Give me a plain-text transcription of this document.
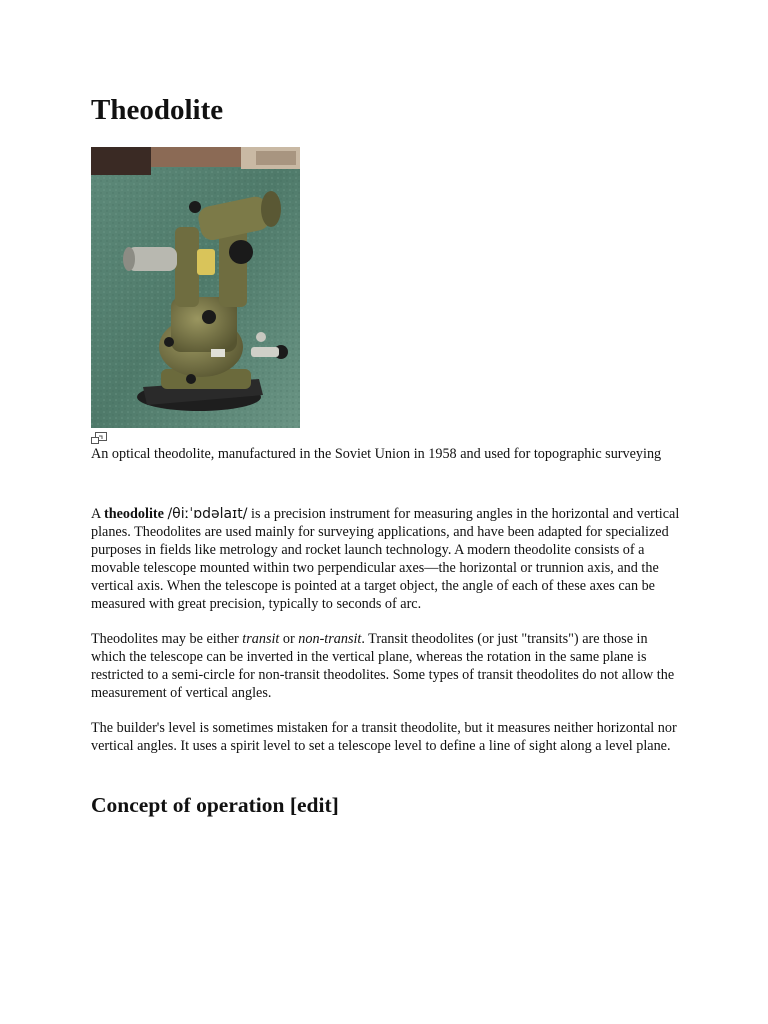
Theodolite
An optical theodolite, manufactured in the Soviet Union in 1958 and used for topographic surveying

A theodolite /θiːˈɒdəlaɪt/ is a precision instrument for measuring angles in the horizontal and vertical planes. Theodolites are used mainly for surveying applications, and have been adapted for specialized purposes in fields like metrology and rocket launch technology. A modern theodolite consists of a movable telescope mounted within two perpendicular axes—the horizontal or trunnion axis, and the vertical axis. When the telescope is pointed at a target object, the angle of each of these axes can be measured with great precision, typically to seconds of arc.

Theodolites may be either transit or non-transit. Transit theodolites (or just "transits") are those in which the telescope can be inverted in the vertical plane, whereas the rotation in the same plane is restricted to a semi-circle for non-transit theodolites. Some types of transit theodolites do not allow the measurement of vertical angles.

The builder's level is sometimes mistaken for a transit theodolite, but it measures neither horizontal nor vertical angles. It uses a spirit level to set a telescope level to define a line of sight along a level plane.

Concept of operation [edit]
